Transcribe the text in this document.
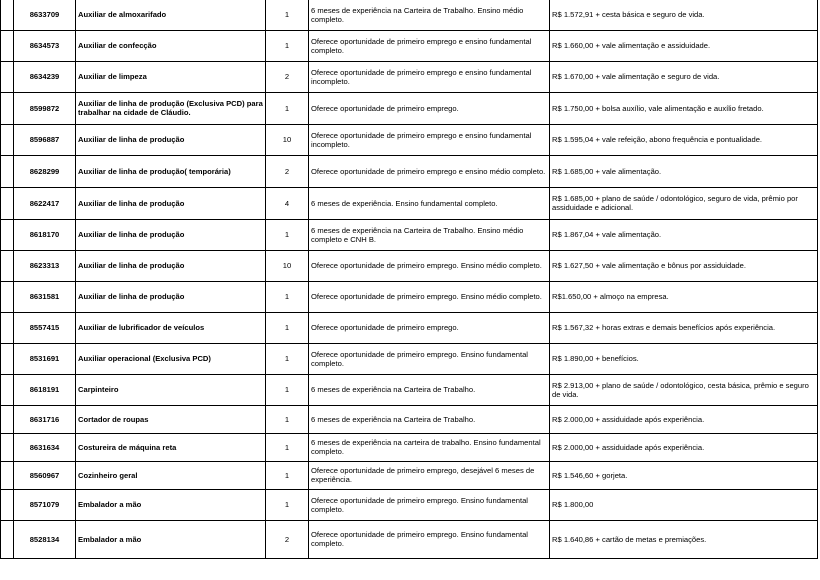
	8633709	Auxiliar de almoxarifado	1	6 meses de experiência na Carteira de Trabalho. Ensino médio completo.	R$ 1.572,91 + cesta básica e seguro de vida.
	8634573	Auxiliar de confecção	1	Oferece oportunidade de primeiro emprego e ensino fundamental completo.	R$ 1.660,00 + vale alimentação e assiduidade.
	8634239	Auxiliar de limpeza	2	Oferece oportunidade de primeiro emprego e ensino fundamental incompleto.	R$ 1.670,00 + vale alimentação e seguro de vida.
	8599872	Auxiliar de linha de produção (Exclusiva PCD) para trabalhar na cidade de Cláudio.	1	Oferece oportunidade de primeiro emprego.	R$ 1.750,00 + bolsa auxílio, vale alimentação e auxílio fretado.
	8596887	Auxiliar de linha de produção	10	Oferece oportunidade de primeiro emprego e ensino fundamental incompleto.	R$ 1.595,04 + vale refeição, abono frequência e pontualidade.
	8628299	Auxiliar de linha de produção( temporária)	2	Oferece oportunidade de primeiro emprego e ensino médio completo.	R$ 1.685,00 + vale alimentação.
	8622417	Auxiliar de linha de produção	4	6 meses de experiência. Ensino fundamental completo.	R$ 1.685,00 + plano de saúde / odontológico, seguro de vida, prêmio por assiduidade e adicional.
	8618170	Auxiliar de linha de produção	1	6 meses de experiência na Carteira de Trabalho. Ensino médio completo e CNH B.	R$ 1.867,04 + vale alimentação.
	8623313	Auxiliar de linha de produção	10	Oferece oportunidade de primeiro emprego. Ensino médio completo.	R$ 1.627,50 + vale alimentação e bônus por assiduidade.
	8631581	Auxiliar de linha de produção	1	Oferece oportunidade de primeiro emprego. Ensino médio completo.	R$1.650,00 + almoço na empresa.
	8557415	Auxiliar de lubrificador de veículos	1	Oferece oportunidade de primeiro emprego.	R$ 1.567,32 + horas extras e demais benefícios após experiência.
	8531691	Auxiliar operacional (Exclusiva PCD)	1	Oferece oportunidade de primeiro emprego. Ensino fundamental completo.	R$ 1.890,00 + benefícios.
	8618191	Carpinteiro	1	6 meses de experiência na Carteira de Trabalho.	R$ 2.913,00 + plano de saúde / odontológico, cesta básica, prêmio e seguro de vida.
	8631716	Cortador de roupas	1	6 meses de experiência na Carteira de Trabalho.	R$ 2.000,00 + assiduidade após experiência.
	8631634	Costureira de máquina reta	1	6 meses de experiência na carteira de trabalho. Ensino fundamental completo.	R$ 2.000,00 + assiduidade após experiência.
	8560967	Cozinheiro geral	1	Oferece oportunidade de primeiro emprego, desejável 6 meses de experiência.	R$ 1.546,60 + gorjeta.
	8571079	Embalador a mão	1	Oferece oportunidade de primeiro emprego. Ensino fundamental completo.	R$ 1.800,00
	8528134	Embalador a mão	2	Oferece oportunidade de primeiro emprego. Ensino fundamental completo.	R$ 1.640,86 + cartão de metas e premiações.
